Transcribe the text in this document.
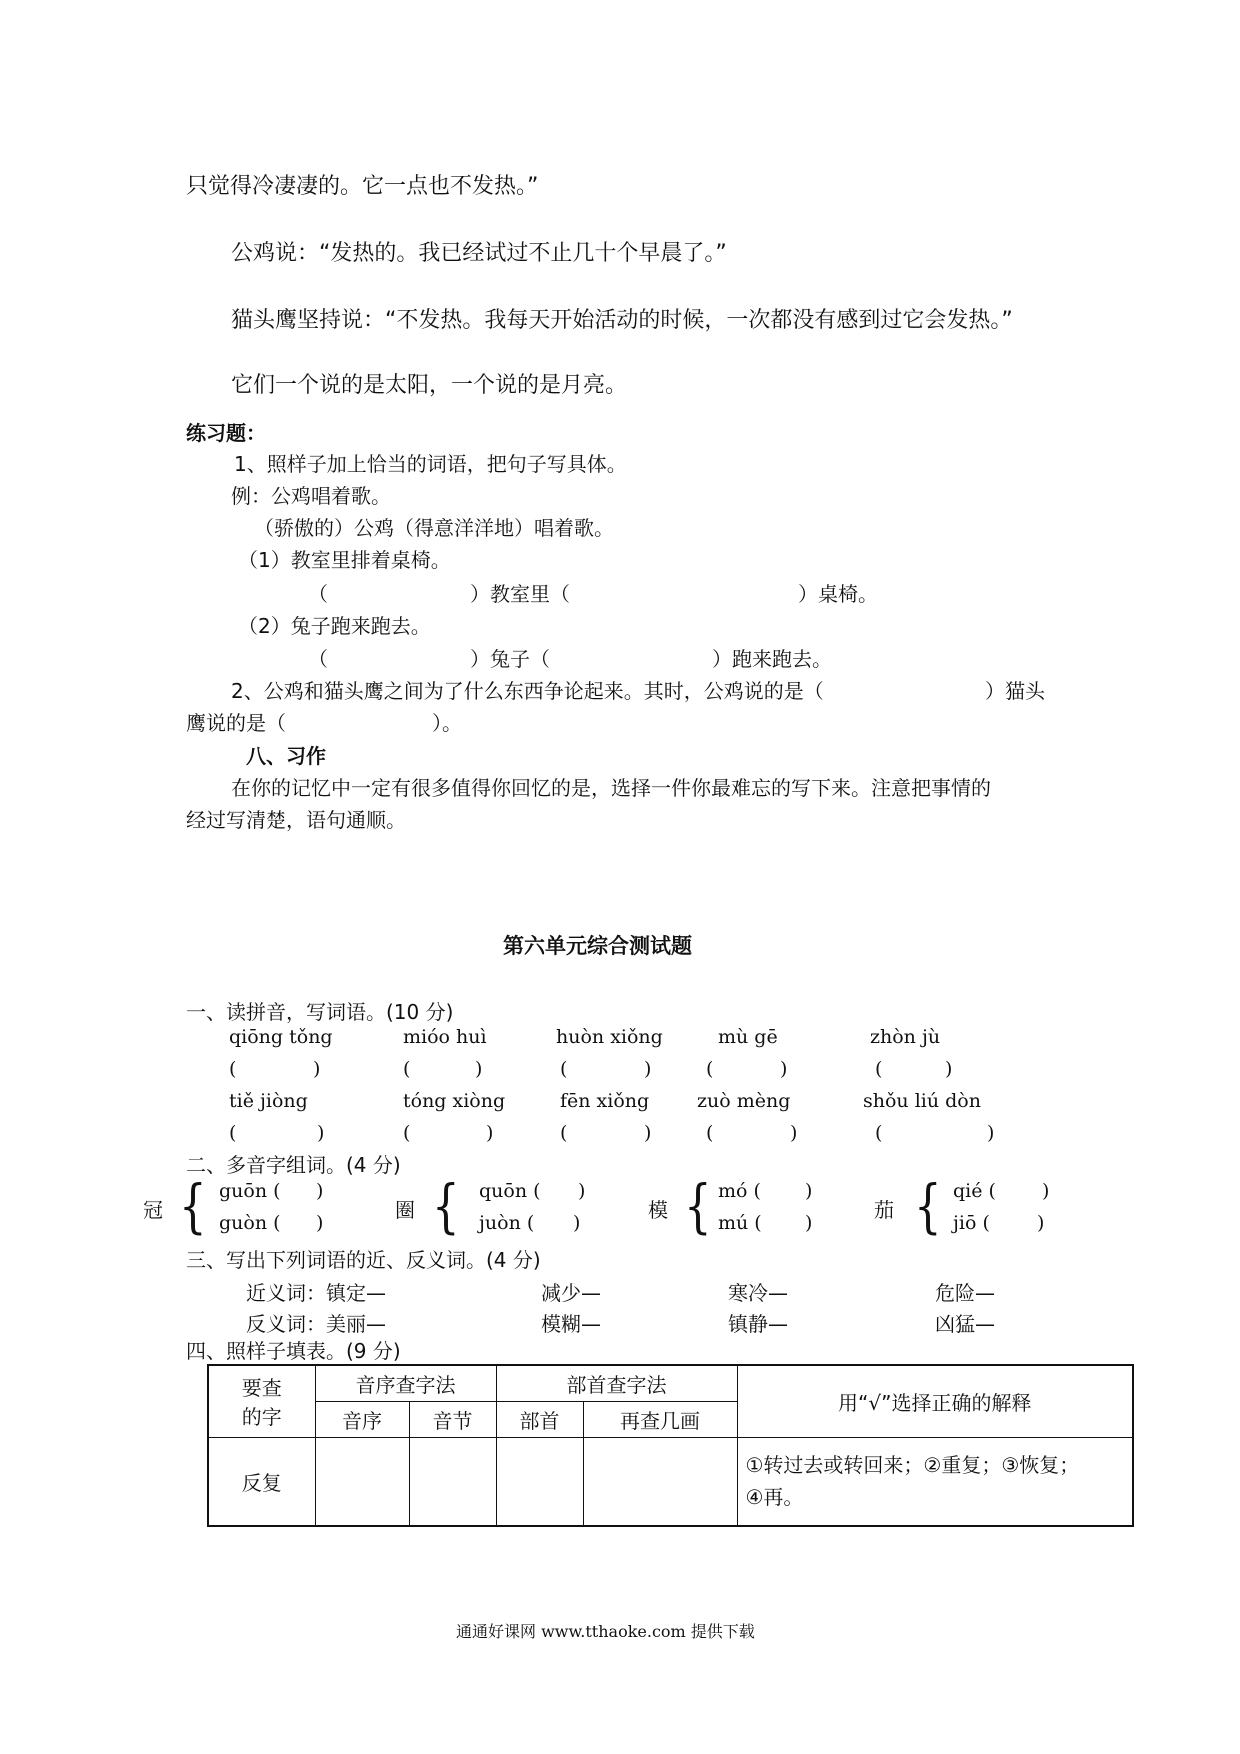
只觉得冷凄凄的。它一点也不发热。”
公鸡说：“发热的。我已经试过不止几十个早晨了。”
猫头鹰坚持说：“不发热。我每天开始活动的时候，一次都没有感到过它会发热。”
它们一个说的是太阳，一个说的是月亮。
练习题：
1、照样子加上恰当的词语，把句子写具体。
例：公鸡唱着歌。
（骄傲的）公鸡（得意洋洋地）唱着歌。
（1）教室里排着桌椅。
（	）教室里（	）桌椅。
（2）兔子跑来跑去。
（	）兔子（	）跑来跑去。
2、公鸡和猫头鹰之间为了什么东西争论起来。其时，公鸡说的是（	）猫头
鹰说的是（	）。
八、习作
在你的记忆中一定有很多值得你回忆的是，选择一件你最难忘的写下来。注意把事情的
经过写清楚，语句通顺。
第六单元综合测试题
一、读拼音，写词语。(10 分)
qiōng tǒng	mióo huì	huòn xiǒng	mù gē	zhòn jù
(	)	(	)	(	)	(	)	(	)
tiě jiòng	tóng xiòng	fēn xiǒng	zuò mèng	shǒu liú dòn
(	)	(	)	(	)	(	)	(	)
二、多音字组词。(4 分)
冠 { guōn ( )
guòn ( )
圈 { quōn ( )
juòn ( )
模 { mó ( )
mú ( )
茄 { qié ( )
jiō ( )
三、写出下列词语的近、反义词。(4 分)
近义词：镇定—	减少—	寒冷—	危险—
反义词：美丽—	模糊—	镇静—	凶猛—
四、照样子填表。(9 分)
要查
的字	音序查字法		部首查字法		用“√”选择正确的解释
	音序	音节	部首	再查几画	
反复					①转过去或转回来；②重复；③恢复；
④再。
通通好课网 www.tthaoke.com 提供下载
